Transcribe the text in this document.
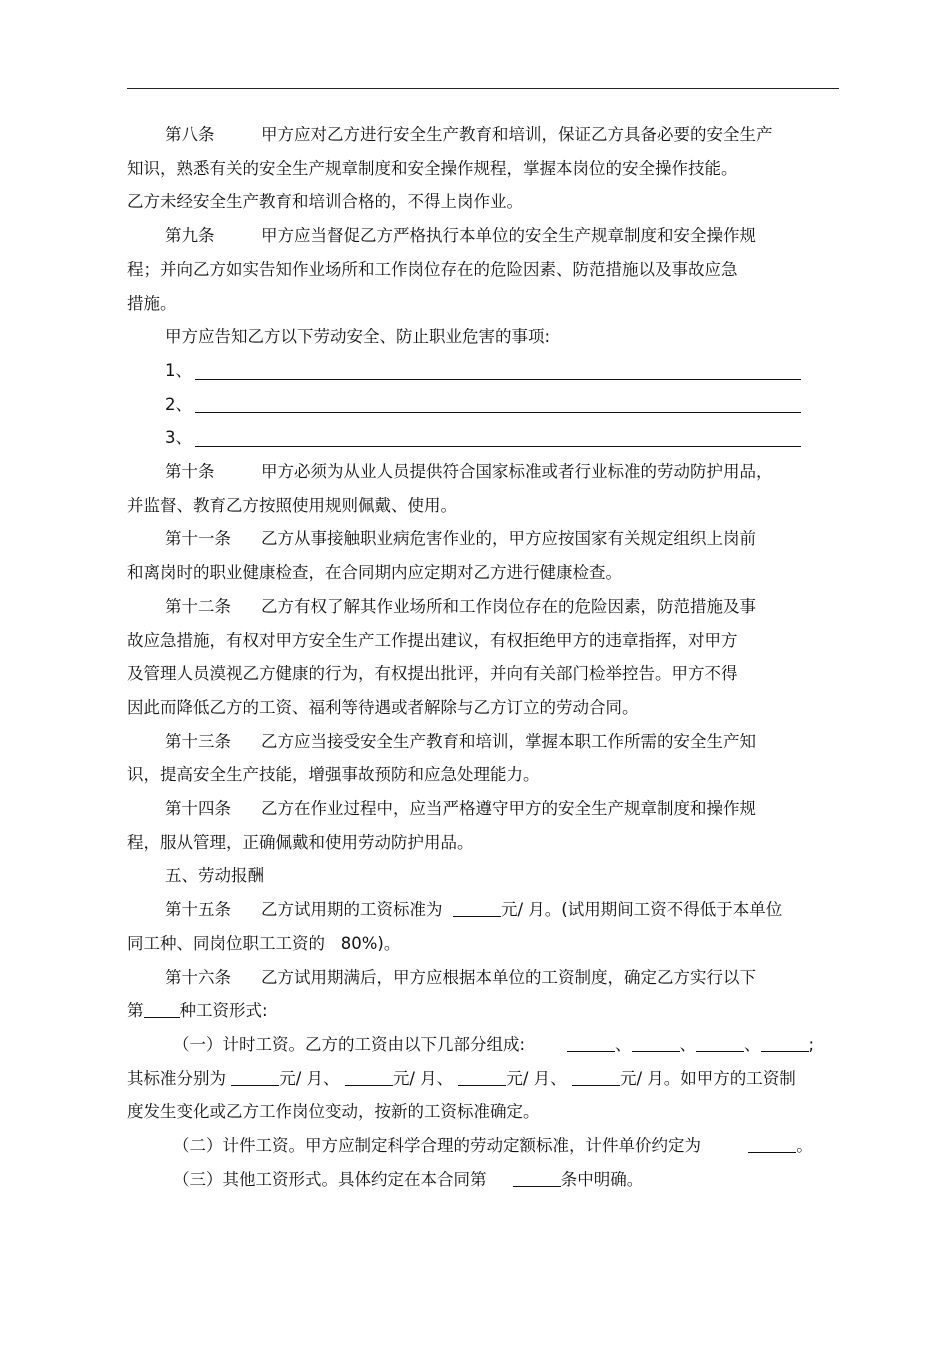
第八条	甲方应对乙方进行安全生产教育和培训，保证乙方具备必要的安全生产

知识，熟悉有关的安全生产规章制度和安全操作规程，掌握本岗位的安全操作技能。

乙方未经安全生产教育和培训合格的，不得上岗作业。

第九条	甲方应当督促乙方严格执行本单位的安全生产规章制度和安全操作规

程；并向乙方如实告知作业场所和工作岗位存在的危险因素、防范措施以及事故应急

措施。

甲方应告知乙方以下劳动安全、防止职业危害的事项:

1、
2、
3、

第十条	甲方必须为从业人员提供符合国家标准或者行业标准的劳动防护用品，

并监督、教育乙方按照使用规则佩戴、使用。

第十一条 乙方从事接触职业病危害作业的，甲方应按国家有关规定组织上岗前

和离岗时的职业健康检查，在合同期内应定期对乙方进行健康检查。

第十二条 乙方有权了解其作业场所和工作岗位存在的危险因素，防范措施及事

故应急措施，有权对甲方安全生产工作提出建议，有权拒绝甲方的违章指挥，对甲方

及管理人员漠视乙方健康的行为，有权提出批评，并向有关部门检举控告。甲方不得

因此而降低乙方的工资、福利等待遇或者解除与乙方订立的劳动合同。

第十三条 乙方应当接受安全生产教育和培训，掌握本职工作所需的安全生产知

识，提高安全生产技能，增强事故预防和应急处理能力。

第十四条 乙方在作业过程中，应当严格遵守甲方的安全生产规章制度和操作规

程，服从管理，正确佩戴和使用劳动防护用品。

五、劳动报酬

第十五条 乙方试用期的工资标准为	元/ 月。(试用期间工资不得低于本单位

同工种、同岗位职工工资的 80%)。

第十六条 乙方试用期满后，甲方应根据本单位的工资制度，确定乙方实行以下

第 种工资形式:

（一）计时工资。乙方的工资由以下几部分组成:	、	、	、	;

其标准分别为	元/ 月、	元/ 月、	元/ 月、	元/ 月。如甲方的工资制

度发生变化或乙方工作岗位变动，按新的工资标准确定。

（二）计件工资。甲方应制定科学合理的劳动定额标准，计件单价约定为	。

（三）其他工资形式。具体约定在本合同第	条中明确。
